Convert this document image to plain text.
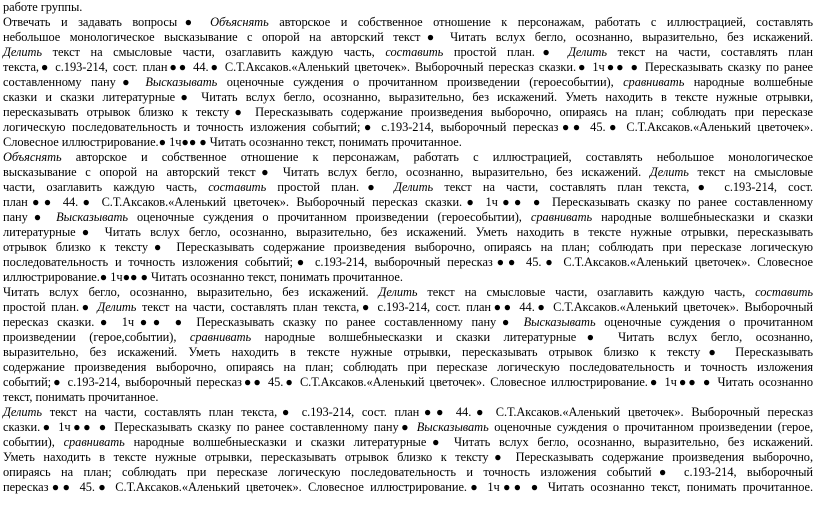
работе группы.
Отвечать и задавать вопросы● Объяснять авторское и собственное отношение к персонажам, работать с иллюстрацией, составлять
небольшое монологическое высказывание с опорой на авторский текст● Читать вслух бегло, осознанно, выразительно, без искажений.
Делить текст на смысловые части, озаглавить каждую часть, составить простой план.● Делить текст на части, составлять план
текста,● с.193-214, сост. план●● 44.● С.Т.Аксаков.«Аленький цветочек». Выборочный пересказ сказки.● 1ч●● ● Пересказывать сказку по ранее
составленному пану● Высказывать оценочные суждения о прочитанном произведении (героесобытии), сравнивать народные волшебные
сказки и сказки литературные● Читать вслух бегло, осознанно, выразительно, без искажений. Уметь находить в тексте нужные отрывки,
пересказывать отрывок близко к тексту● Пересказывать содержание произведения выборочно, опираясь на план; соблюдать при пересказе
логическую последовательность и точность изложения событий;● с.193-214, выборочный пересказ●● 45.● С.Т.Аксаков.«Аленький цветочек».
Словесное иллюстрирование.● 1ч●● ● Читать осознанно текст, понимать прочитанное.
Объяснять авторское и собственное отношение к персонажам, работать с иллюстрацией, составлять небольшое монологическое
высказывание с опорой на авторский текст● Читать вслух бегло, осознанно, выразительно, без искажений. Делить текст на смысловые
части, озаглавить каждую часть, составить простой план.● Делить текст на части, составлять план текста,● с.193-214, сост.
план●● 44.● С.Т.Аксаков.«Аленький цветочек». Выборочный пересказ сказки.● 1ч●● ● Пересказывать сказку по ранее составленному
пану● Высказывать оценочные суждения о прочитанном произведении (героесобытии), сравнивать народные волшебныесказки и сказки
литературные● Читать вслух бегло, осознанно, выразительно, без искажений. Уметь находить в тексте нужные отрывки, пересказывать
отрывок близко к тексту● Пересказывать содержание произведения выборочно, опираясь на план; соблюдать при пересказе логическую
последовательность и точность изложения событий;● с.193-214, выборочный пересказ●● 45.● С.Т.Аксаков.«Аленький цветочек». Словесное
иллюстрирование.● 1ч●● ● Читать осознанно текст, понимать прочитанное.
Читать вслух бегло, осознанно, выразительно, без искажений. Делить текст на смысловые части, озаглавить каждую часть, составить
простой план.● Делить текст на части, составлять план текста,● с.193-214, сост. план●● 44.● С.Т.Аксаков.«Аленький цветочек». Выборочный
пересказ сказки.● 1ч●● ● Пересказывать сказку по ранее составленному пану● Высказывать оценочные суждения о прочитанном
произведении (герое,событии), сравнивать народные волшебныесказки и сказки литературные● Читать вслух бегло, осознанно,
выразительно, без искажений. Уметь находить в тексте нужные отрывки, пересказывать отрывок близко к тексту● Пересказывать
содержание произведения выборочно, опираясь на план; соблюдать при пересказе логическую последовательность и точность изложения
событий;● с.193-214, выборочный пересказ●● 45.● С.Т.Аксаков.«Аленький цветочек». Словесное иллюстрирование.● 1ч●● ● Читать осознанно
текст, понимать прочитанное.
Делить текст на части, составлять план текста,● с.193-214, сост. план●● 44.● С.Т.Аксаков.«Аленький цветочек». Выборочный пересказ
сказки.● 1ч●● ● Пересказывать сказку по ранее составленному пану● Высказывать оценочные суждения о прочитанном произведении (герое,
событии), сравнивать народные волшебныесказки и сказки литературные● Читать вслух бегло, осознанно, выразительно, без искажений.
Уметь находить в тексте нужные отрывки, пересказывать отрывок близко к тексту● Пересказывать содержание произведения выборочно,
опираясь на план; соблюдать при пересказе логическую последовательность и точность изложения событий● с.193-214, выборочный
пересказ●● 45.● С.Т.Аксаков.«Аленький цветочек». Словесное иллюстрирование.● 1ч●● ● Читать осознанно текст, понимать прочитанное.
